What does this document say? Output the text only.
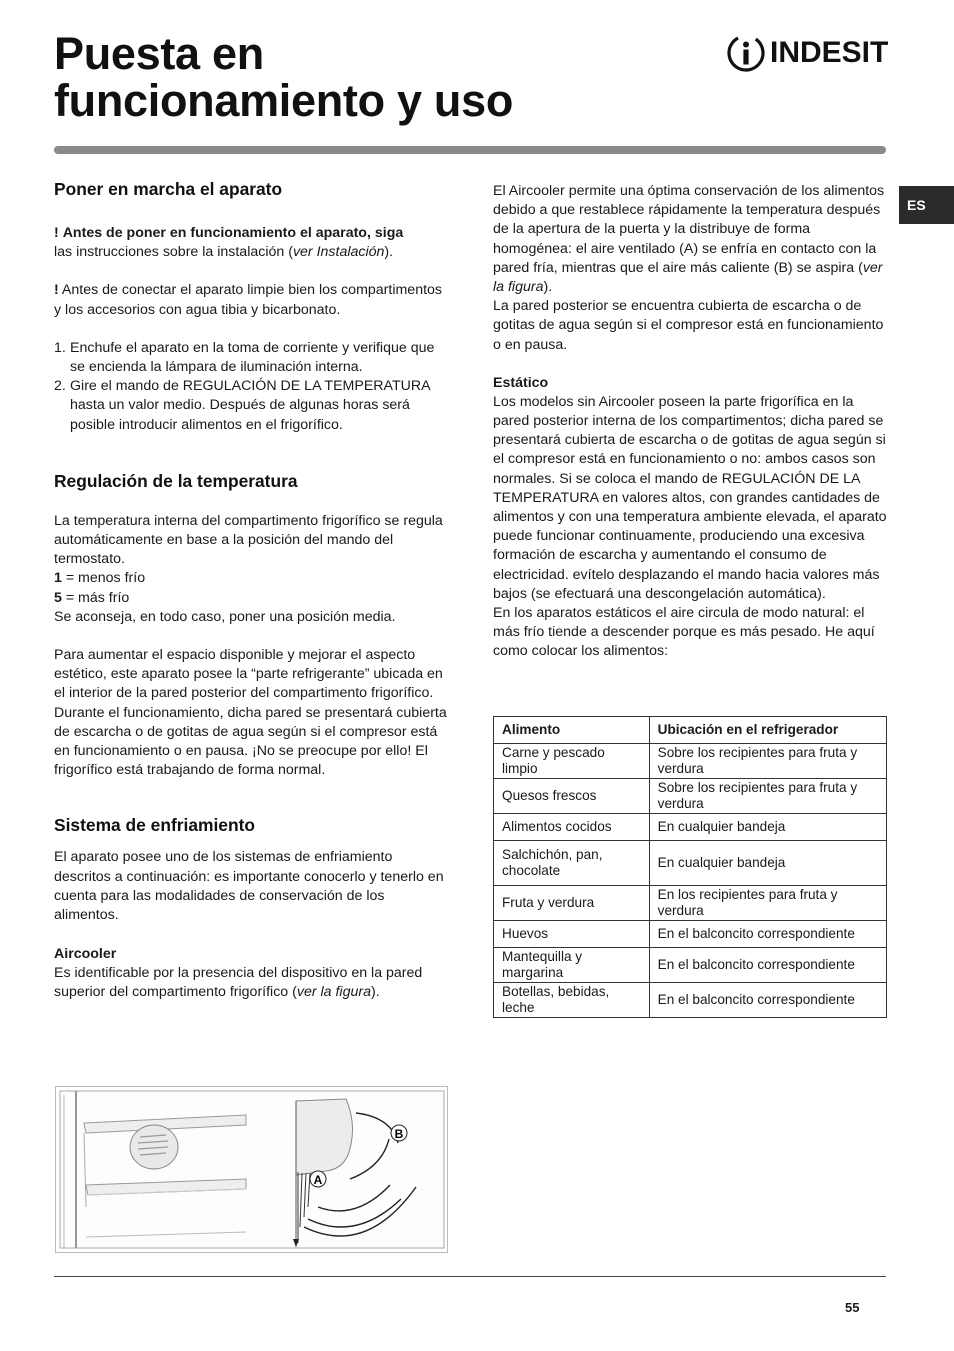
Puesta en
funcionamiento y uso
INDESIT
ES
Poner en marcha el aparato

! Antes de poner en funcionamiento el aparato, siga
las instrucciones sobre la instalación (ver Instalación).

! Antes de conectar el aparato limpie bien los compartimentos y los accesorios con agua tibia y bicarbonato.

1. Enchufe el aparato en la toma de corriente y verifique que se encienda la lámpara de iluminación interna.
2. Gire el mando de REGULACIÓN DE LA TEMPERATURA hasta un valor medio. Después de algunas horas será posible introducir alimentos en el frigorífico.
Regulación de la temperatura

La temperatura interna del compartimento frigorífico se regula automáticamente en base a la posición del mando del termostato.

1 = menos frío

5 = más frío

Se aconseja, en todo caso, poner una posición media.

Para aumentar el espacio disponible y mejorar el aspecto estético, este aparato posee la “parte refrigerante” ubicada en el interior de la pared posterior del compartimento frigorífico. Durante el funcionamiento, dicha pared se presentará cubierta de escarcha o de gotitas de agua según si el compresor está en funcionamiento o en pausa. ¡No se preocupe por ello! El frigorífico está trabajando de forma normal.

Sistema de enfriamiento

El aparato posee uno de los sistemas de enfriamiento descritos a continuación: es importante conocerlo y tenerlo en cuenta para las modalidades de conservación de los alimentos.

Aircooler

Es identificable por la presencia del dispositivo en la pared superior del compartimento frigorífico (ver la figura).

B
A

El Aircooler permite una óptima conservación de los alimentos debido a que restablece rápidamente la temperatura después de la apertura de la puerta y la distribuye de forma homogénea: el aire ventilado (A) se enfría en contacto con la pared fría, mientras que el aire más caliente (B) se aspira (ver la figura).

La pared posterior se encuentra cubierta de escarcha o de gotitas de agua según si el compresor está en funcionamiento o en pausa.

Estático

Los modelos sin Aircooler poseen la parte frigorífica en la pared posterior interna de los compartimentos; dicha pared se presentará cubierta de escarcha o de gotitas de agua según si el compresor está en funcionamiento o no: ambos casos son normales. Si se coloca el mando de REGULACIÓN DE LA TEMPERATURA en valores altos, con grandes cantidades de alimentos y con una temperatura ambiente elevada, el aparato puede funcionar continuamente, produciendo una excesiva formación de escarcha y aumentando el consumo de electricidad. evítelo desplazando el mando hacia valores más bajos (se efectuará una descongelación automática).

En los aparatos estáticos el aire circula de modo natural: el más frío tiende a descender porque es más pesado. He aquí como colocar los alimentos:

Alimento	Ubicación en el refrigerador
Carne y pescado limpio	Sobre los recipientes para fruta y verdura
Quesos frescos	Sobre los recipientes para fruta y verdura
Alimentos cocidos	En cualquier bandeja
Salchichón, pan, chocolate	En cualquier bandeja
Fruta y verdura	En los recipientes para fruta y verdura
Huevos	En el balconcito correspondiente
Mantequilla y margarina	En el balconcito correspondiente
Botellas, bebidas, leche	En el balconcito correspondiente
55
